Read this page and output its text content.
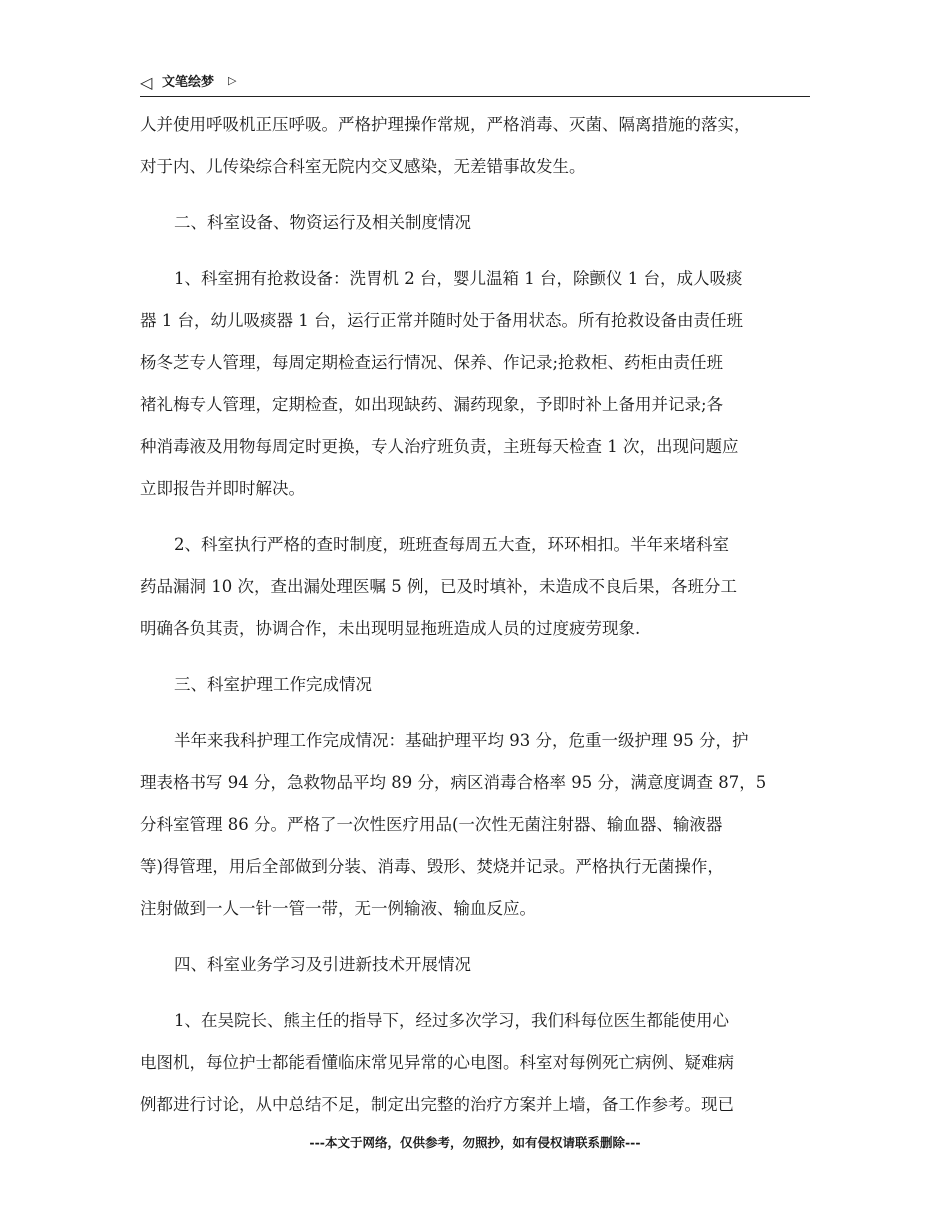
◁ 文笔绘梦 ▷
人并使用呼吸机正压呼吸。严格护理操作常规，严格消毒、灭菌、隔离措施的落实，
对于内、儿传染综合科室无院内交叉感染，无差错事故发生。
二、科室设备、物资运行及相关制度情况
1、科室拥有抢救设备：洗胃机 2 台，婴儿温箱 1 台，除颤仪 1 台，成人吸痰
器 1 台，幼儿吸痰器 1 台，运行正常并随时处于备用状态。所有抢救设备由责任班
杨冬芝专人管理，每周定期检查运行情况、保养、作记录;抢救柜、药柜由责任班
褚礼梅专人管理，定期检查，如出现缺药、漏药现象，予即时补上备用并记录;各
种消毒液及用物每周定时更换，专人治疗班负责，主班每天检查 1 次，出现问题应
立即报告并即时解决。
2、科室执行严格的查时制度，班班查每周五大查，环环相扣。半年来堵科室
药品漏洞 10 次，查出漏处理医嘱 5 例，已及时填补，未造成不良后果，各班分工
明确各负其责，协调合作，未出现明显拖班造成人员的过度疲劳现象.
三、科室护理工作完成情况
半年来我科护理工作完成情况：基础护理平均 93 分，危重一级护理 95 分，护
理表格书写 94 分，急救物品平均 89 分，病区消毒合格率 95 分，满意度调查 87，5
分科室管理 86 分。严格了一次性医疗用品(一次性无菌注射器、输血器、输液器
等)得管理，用后全部做到分装、消毒、毁形、焚烧并记录。严格执行无菌操作，
注射做到一人一针一管一带，无一例输液、输血反应。
四、科室业务学习及引进新技术开展情况
1、在吴院长、熊主任的指导下，经过多次学习，我们科每位医生都能使用心
电图机，每位护士都能看懂临床常见异常的心电图。科室对每例死亡病例、疑难病
例都进行讨论，从中总结不足，制定出完整的治疗方案并上墙，备工作参考。现已
---本文于网络，仅供参考，勿照抄，如有侵权请联系删除---
